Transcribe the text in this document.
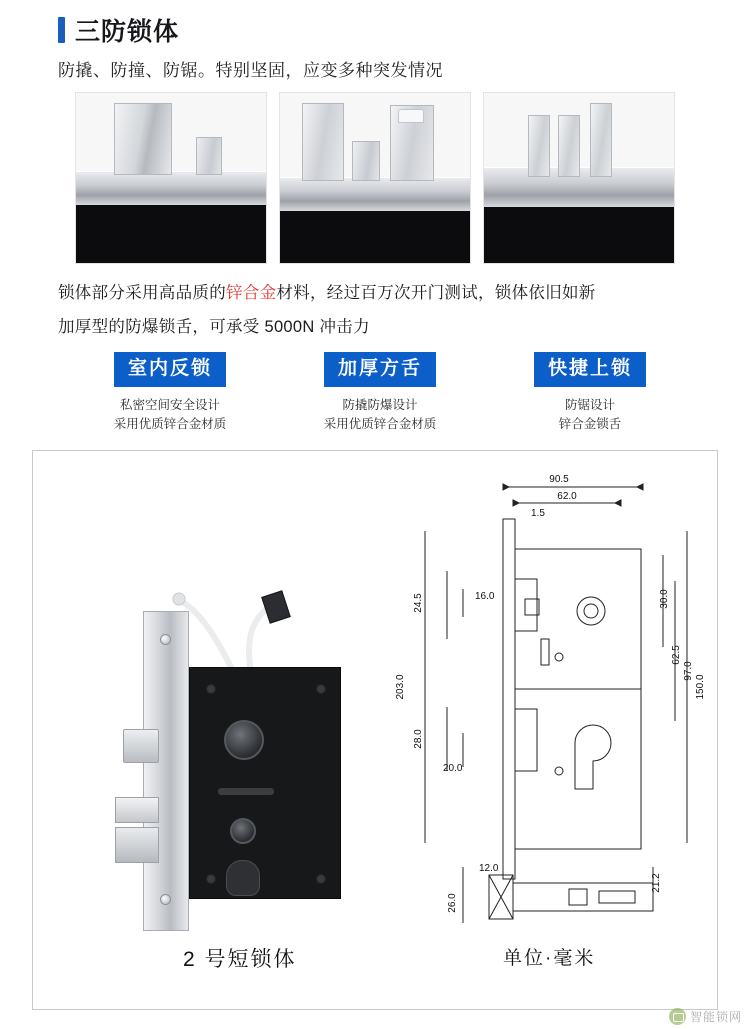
三防锁体
防撬、防撞、防锯。特别坚固，应变多种突发情况
锁体部分采用高品质的锌合金材料，经过百万次开门测试，锁体依旧如新
加厚型的防爆锁舌，可承受 5000N 冲击力
室内反锁
私密空间安全设计
采用优质锌合金材质
加厚方舌
防撬防爆设计
采用优质锌合金材质
快捷上锁
防锯设计
锌合金锁舌
90.5
62.0
1.5
24.5	16.0
203.0
28.0
20.0
30.0
62.5
97.0
150.0
12.0
26.0
21.2
2 号短锁体	单位·毫米
智能锁网
